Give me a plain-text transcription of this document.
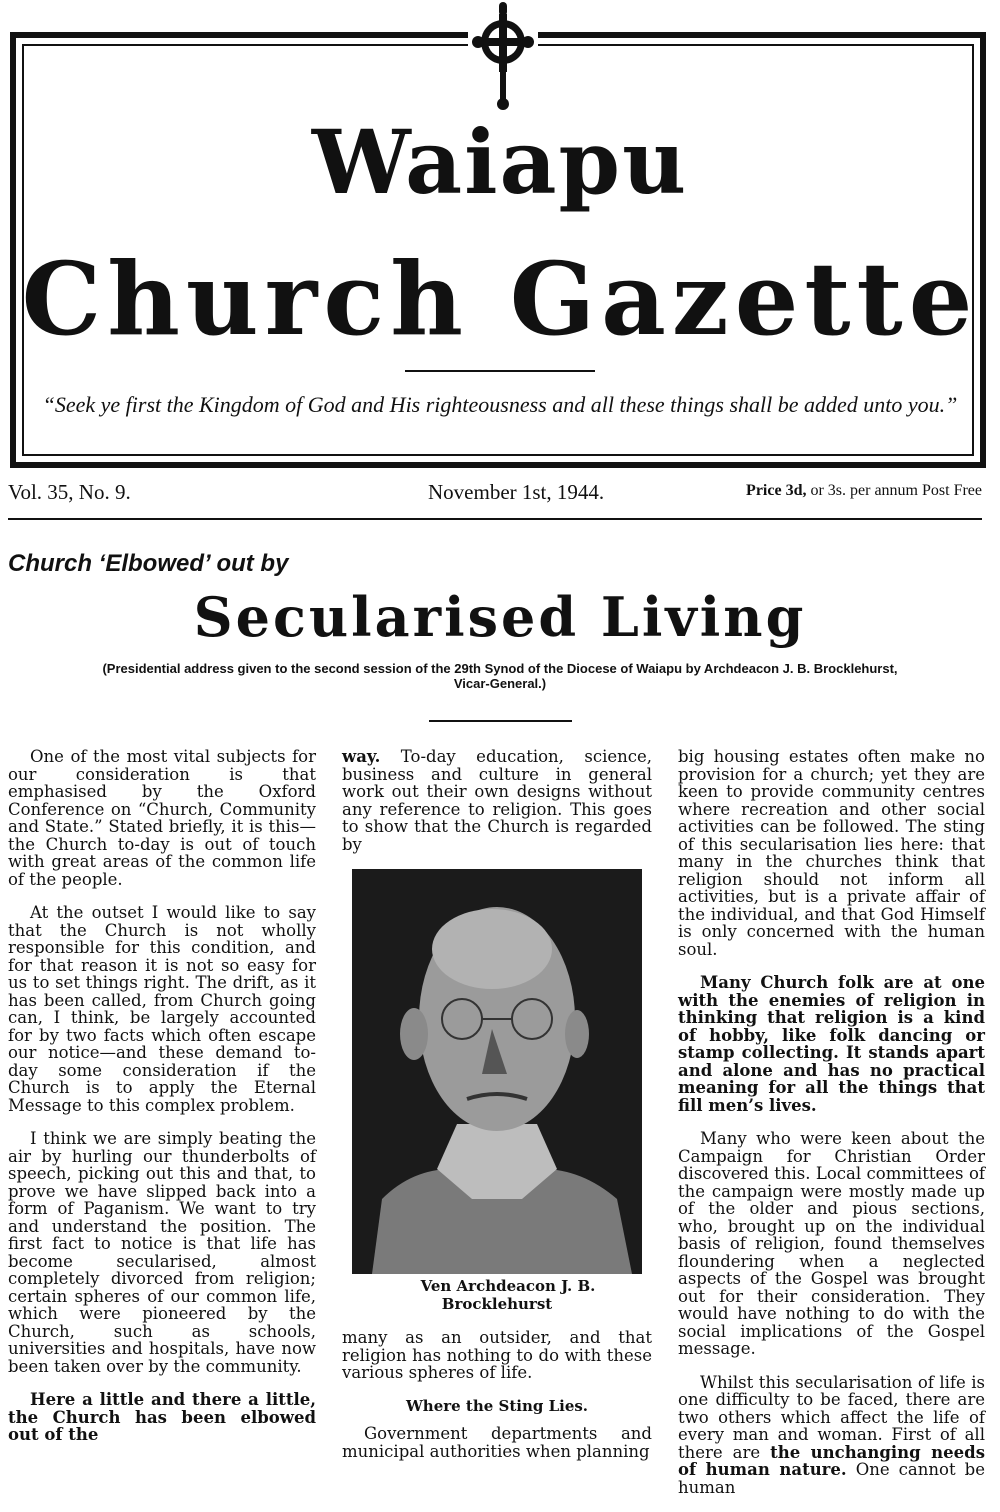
Waiapu
Church Gazette
“Seek ye first the Kingdom of God and His righteousness and all these things shall be added unto you.”
Vol. 35, No. 9.	November 1st, 1944.	Price 3d, or 3s. per annum Post Free
Church ‘Elbowed’ out by
Secularised Living
(Presidential address given to the second session of the 29th Synod of the Diocese of Waiapu by Archdeacon J. B. Brocklehurst, Vicar-General.)

One of the most vital subjects for our consideration is that emphasised by the Oxford Conference on “Church, Community and State.” Stated briefly, it is this—the Church to-day is out of touch with great areas of the common life of the people.

At the outset I would like to say that the Church is not wholly responsible for this condition, and for that reason it is not so easy for us to set things right. The drift, as it has been called, from Church going can, I think, be largely accounted for by two facts which often escape our notice—and these demand to-day some consideration if the Church is to apply the Eternal Message to this complex problem.

I think we are simply beating the air by hurling our thunderbolts of speech, picking out this and that, to prove we have slipped back into a form of Paganism. We want to try and understand the position. The first fact to notice is that life has become secularised, almost completely divorced from religion; certain spheres of our common life, which were pioneered by the Church, such as schools, universities and hospitals, have now been taken over by the community.

Here a little and there a little, the Church has been elbowed out of the

way. To-day education, science, business and culture in general work out their own designs without any reference to religion. This goes to show that the Church is regarded by

Ven Archdeacon J. B. Brocklehurst

many as an outsider, and that religion has nothing to do with these various spheres of life.

Where the Sting Lies.

Government departments and municipal authorities when planning

big housing estates often make no provision for a church; yet they are keen to provide community centres where recreation and other social activities can be followed. The sting of this secularisation lies here: that many in the churches think that religion should not inform all activities, but is a private affair of the individual, and that God Himself is only concerned with the human soul.

Many Church folk are at one with the enemies of religion in thinking that religion is a kind of hobby, like folk dancing or stamp collecting. It stands apart and alone and has no practical meaning for all the things that fill men’s lives.

Many who were keen about the Campaign for Christian Order discovered this. Local committees of the campaign were mostly made up of the older and pious sections, who, brought up on the individual basis of religion, found themselves floundering when a neglected aspects of the Gospel was brought out for their consideration. They would have nothing to do with the social implications of the Gospel message.

Whilst this secularisation of life is one difficulty to be faced, there are two others which affect the life of every man and woman. First of all there are the unchanging needs of human nature. One cannot be human
